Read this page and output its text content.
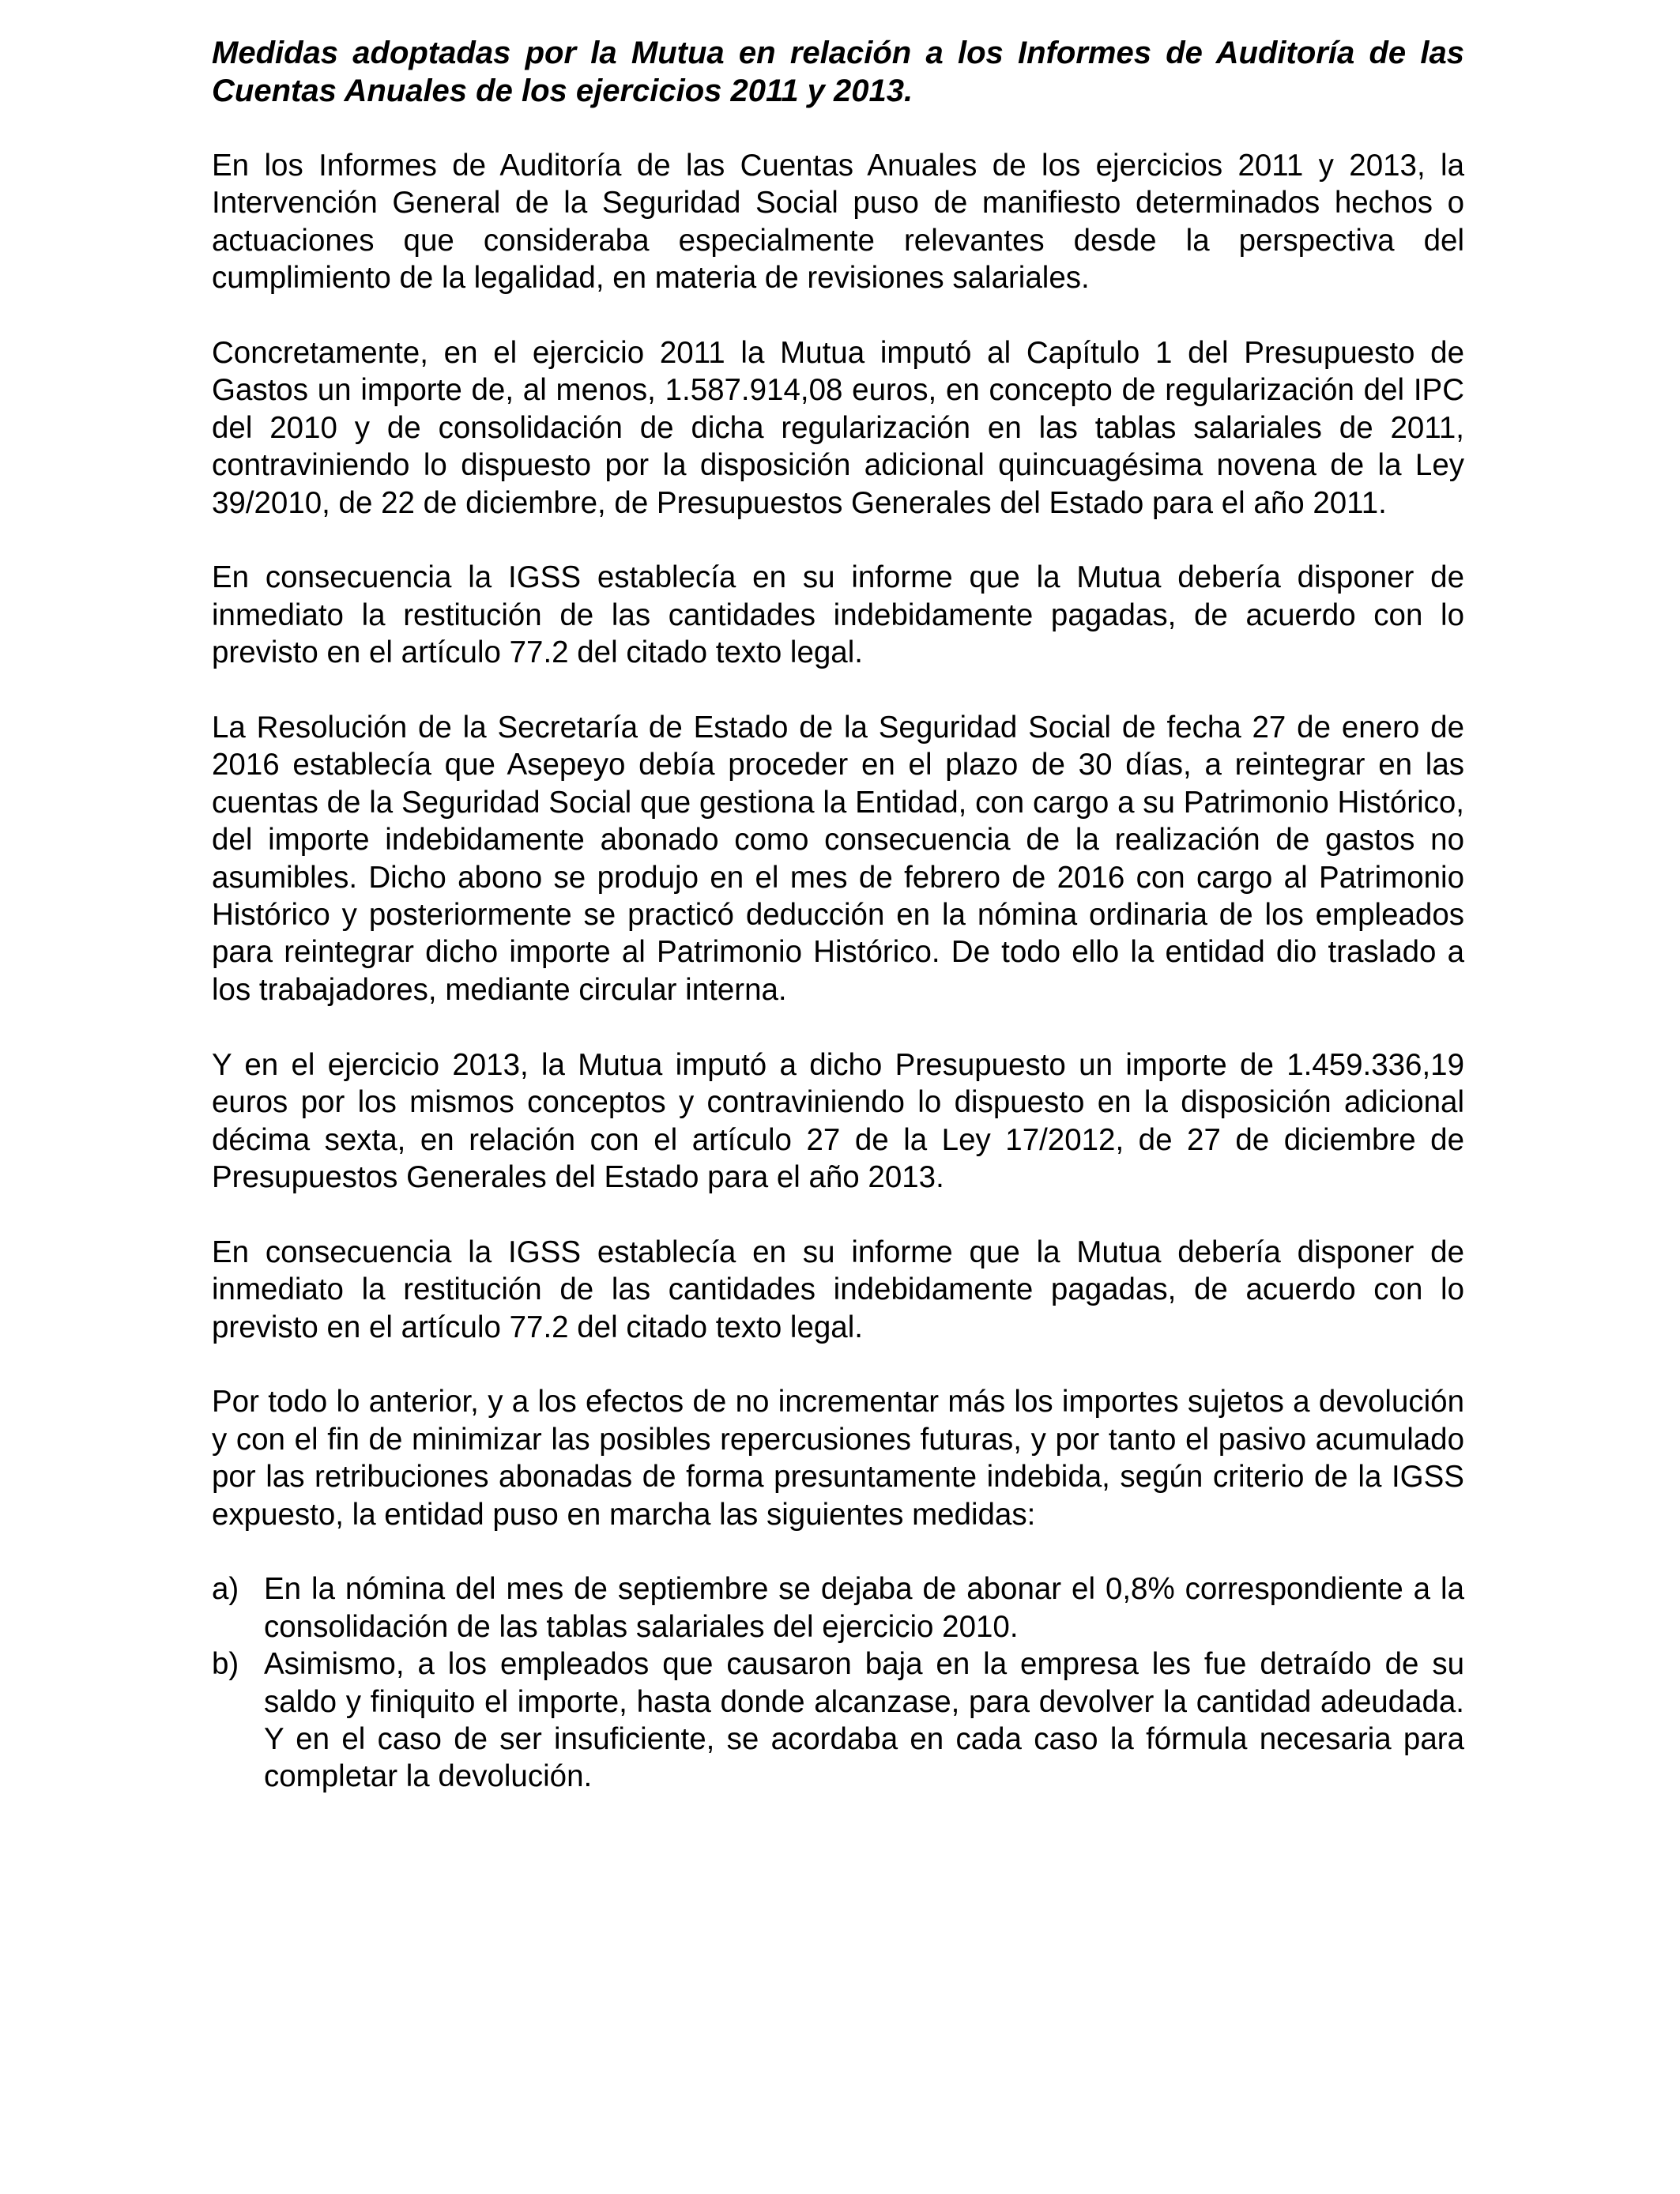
Medidas adoptadas por la Mutua en relación a los Informes de Auditoría de las Cuentas Anuales de los ejercicios 2011 y 2013.

En los Informes de Auditoría de las Cuentas Anuales de los ejercicios 2011 y 2013, la Intervención General de la Seguridad Social puso de manifiesto determinados hechos o actuaciones que consideraba especialmente relevantes desde la perspectiva del cumplimiento de la legalidad, en materia de revisiones salariales.

Concretamente, en el ejercicio 2011 la Mutua imputó al Capítulo 1 del Presupuesto de Gastos un importe de, al menos, 1.587.914,08 euros, en concepto de regularización del IPC del 2010 y de consolidación de dicha regularización en las tablas salariales de 2011, contraviniendo lo dispuesto por la disposición adicional quincuagésima novena de la Ley 39/2010, de 22 de diciembre, de Presupuestos Generales del Estado para el año 2011.

En consecuencia la IGSS establecía en su informe que la Mutua debería disponer de inmediato la restitución de las cantidades indebidamente pagadas, de acuerdo con lo previsto en el artículo 77.2 del citado texto legal.

La Resolución de la Secretaría de Estado de la Seguridad Social de fecha 27 de enero de 2016 establecía que Asepeyo debía proceder en el plazo de 30 días, a reintegrar en las cuentas de la Seguridad Social que gestiona la Entidad, con cargo a su Patrimonio Histórico, del importe indebidamente abonado como consecuencia de la realización de gastos no asumibles. Dicho abono se produjo en el mes de febrero de 2016 con cargo al Patrimonio Histórico y posteriormente se practicó deducción en la nómina ordinaria de los empleados para reintegrar dicho importe al Patrimonio Histórico. De todo ello la entidad dio traslado a los trabajadores, mediante circular interna.

Y en el ejercicio 2013, la Mutua imputó a dicho Presupuesto un importe de 1.459.336,19 euros por los mismos conceptos y contraviniendo lo dispuesto en la disposición adicional décima sexta, en relación con el artículo 27 de la Ley 17/2012, de 27 de diciembre de Presupuestos Generales del Estado para el año 2013.

En consecuencia la IGSS establecía en su informe que la Mutua debería disponer de inmediato la restitución de las cantidades indebidamente pagadas, de acuerdo con lo previsto en el artículo 77.2 del citado texto legal.

Por todo lo anterior, y a los efectos de no incrementar más los importes sujetos a devolución y con el fin de minimizar las posibles repercusiones futuras, y por tanto el pasivo acumulado por las retribuciones abonadas de forma presuntamente indebida, según criterio de la IGSS expuesto, la entidad puso en marcha las siguientes medidas:

a) En la nómina del mes de septiembre se dejaba de abonar el 0,8% correspondiente a la consolidación de las tablas salariales del ejercicio 2010.
b) Asimismo, a los empleados que causaron baja en la empresa les fue detraído de su saldo y finiquito el importe, hasta donde alcanzase, para devolver la cantidad adeudada. Y en el caso de ser insuficiente, se acordaba en cada caso la fórmula necesaria para completar la devolución.
